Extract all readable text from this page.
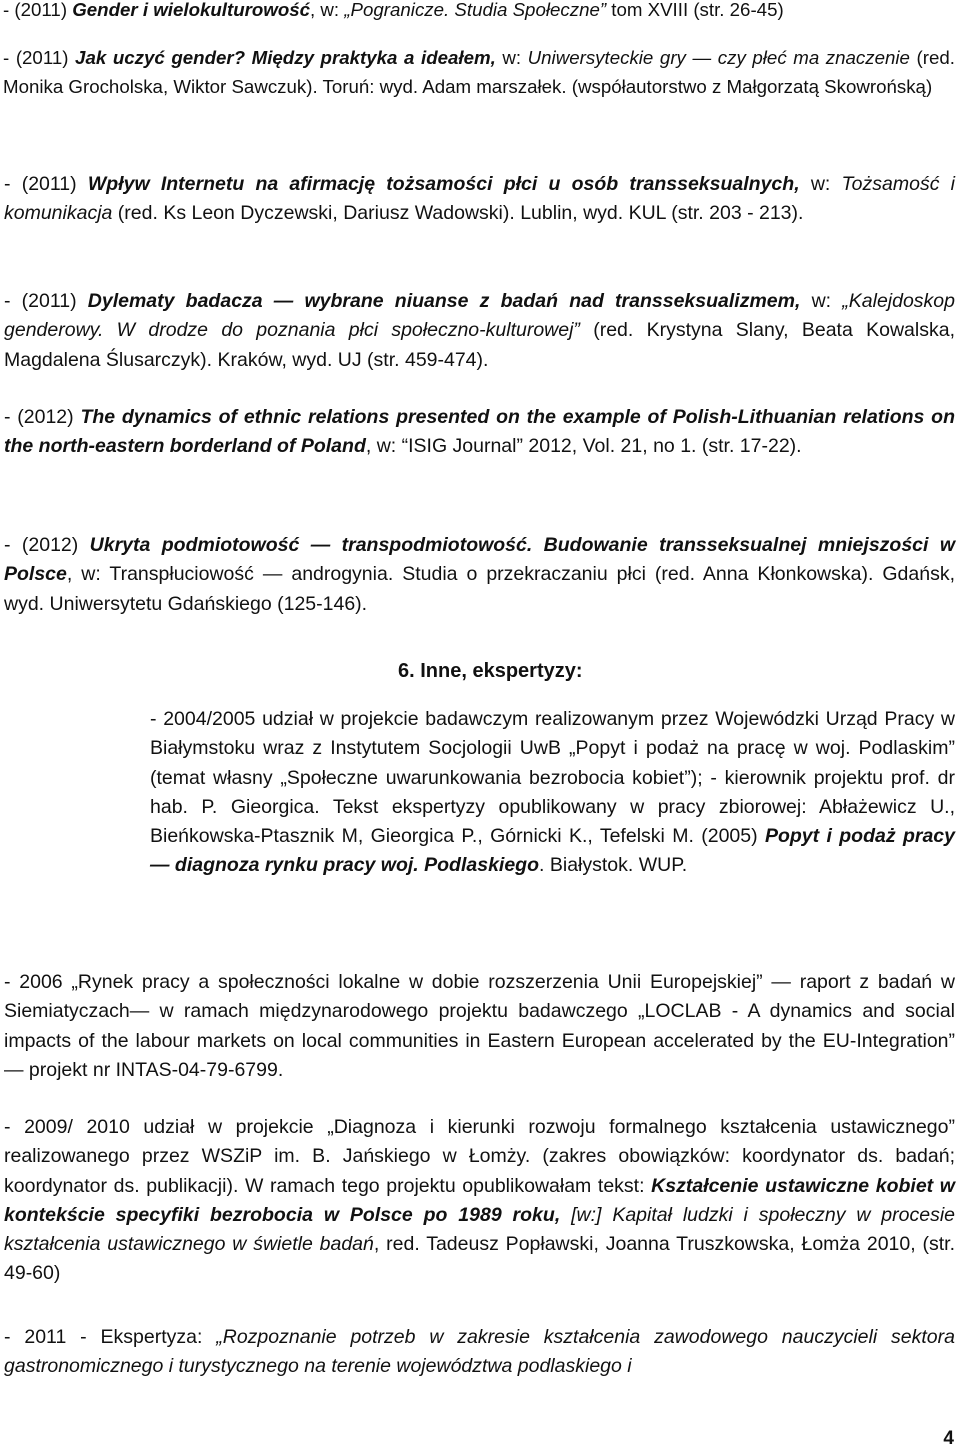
- (2011) Gender i wielokulturowość, w: „Pogranicze. Studia Społeczne” tom XVIII (str. 26-45)

- (2011) Jak uczyć gender? Między praktyka a ideałem, w: Uniwersyteckie gry — czy płeć ma znaczenie (red. Monika Grocholska, Wiktor Sawczuk). Toruń: wyd. Adam marszałek. (współautorstwo z Małgorzatą Skowrońską)

- (2011) Wpływ Internetu na afirmację tożsamości płci u osób transseksualnych, w: Tożsamość i komunikacja (red. Ks Leon Dyczewski, Dariusz Wadowski). Lublin, wyd. KUL (str. 203 - 213).

- (2011) Dylematy badacza — wybrane niuanse z badań nad transseksualizmem, w: „Kalejdoskop genderowy. W drodze do poznania płci społeczno-kulturowej” (red. Krystyna Slany, Beata Kowalska, Magdalena Ślusarczyk). Kraków, wyd. UJ (str. 459-474).

- (2012) The dynamics of ethnic relations presented on the example of Polish-Lithuanian relations on the north-eastern borderland of Poland, w: “ISIG Journal” 2012, Vol. 21, no 1. (str. 17-22).

- (2012) Ukryta podmiotowość — transpodmiotowość. Budowanie transseksualnej mniejszości w Polsce, w: Transpłuciowość — androgynia. Studia o przekraczaniu płci (red. Anna Kłonkowska). Gdańsk, wyd. Uniwersytetu Gdańskiego (125-146).

6. Inne, ekspertyzy:

- 2004/2005 udział w projekcie badawczym realizowanym przez Wojewódzki Urząd Pracy w Białymstoku wraz z Instytutem Socjologii UwB „Popyt i podaż na pracę w woj. Podlaskim” (temat własny „Społeczne uwarunkowania bezrobocia kobiet”); - kierownik projektu prof. dr hab. P. Gieorgica. Tekst ekspertyzy opublikowany w pracy zbiorowej: Abłażewicz U., Bieńkowska-Ptasznik M, Gieorgica P., Górnicki K., Tefelski M. (2005) Popyt i podaż pracy — diagnoza rynku pracy woj. Podlaskiego. Białystok. WUP.

- 2006 „Rynek pracy a społeczności lokalne w dobie rozszerzenia Unii Europejskiej” — raport z badań w Siemiatyczach— w ramach międzynarodowego projektu badawczego „LOCLAB - A dynamics and social impacts of the labour markets on local communities in Eastern European accelerated by the EU-Integration” — projekt nr INTAS-04-79-6799.

- 2009/ 2010 udział w projekcie „Diagnoza i kierunki rozwoju formalnego kształcenia ustawicznego” realizowanego przez WSZiP im. B. Jańskiego w Łomży. (zakres obowiązków: koordynator ds. badań; koordynator ds. publikacji). W ramach tego projektu opublikowałam tekst: Kształcenie ustawiczne kobiet w kontekście specyfiki bezrobocia w Polsce po 1989 roku, [w:] Kapitał ludzki i społeczny w procesie kształcenia ustawicznego w świetle badań, red. Tadeusz Popławski, Joanna Truszkowska, Łomża 2010, (str. 49-60)

- 2011 - Ekspertyza: „Rozpoznanie potrzeb w zakresie kształcenia zawodowego nauczycieli sektora gastronomicznego i turystycznego na terenie województwa podlaskiego i

4
